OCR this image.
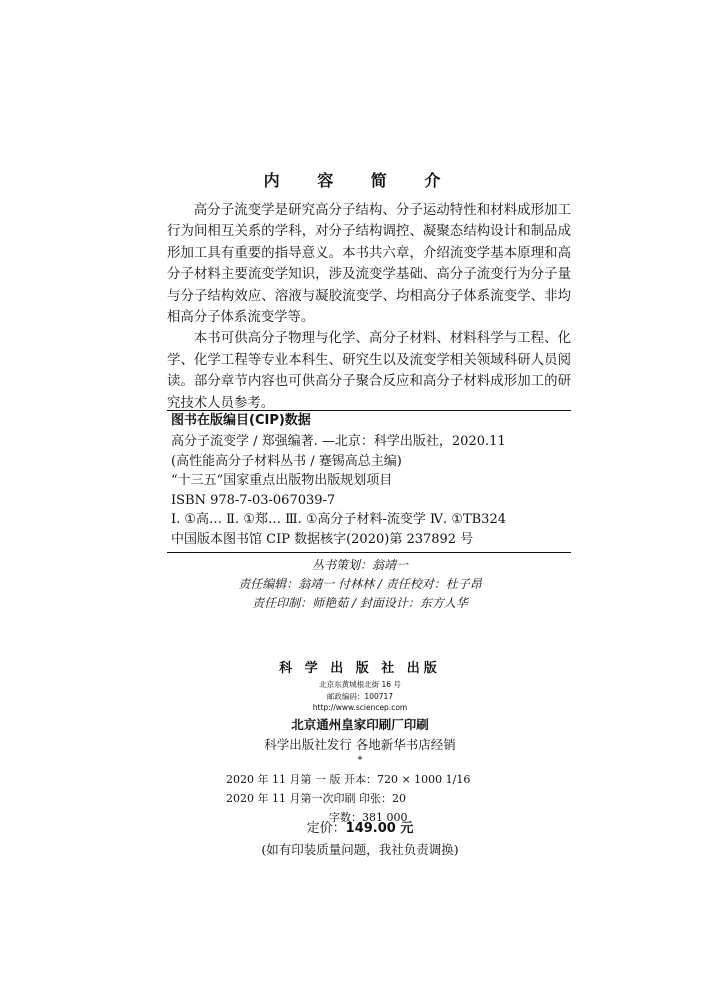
内 容 简 介

高分子流变学是研究高分子结构、分子运动特性和材料成形加工行为间相互关系的学科，对分子结构调控、凝聚态结构设计和制品成形加工具有重要的指导意义。本书共六章，介绍流变学基本原理和高分子材料主要流变学知识，涉及流变学基础、高分子流变行为分子量与分子结构效应、溶液与凝胶流变学、均相高分子体系流变学、非均相高分子体系流变学等。

本书可供高分子物理与化学、高分子材料、材料科学与工程、化学、化学工程等专业本科生、研究生以及流变学相关领域科研人员阅读。部分章节内容也可供高分子聚合反应和高分子材料成形加工的研究技术人员参考。

图书在版编目(CIP)数据
高分子流变学 / 郑强编著. —北京：科学出版社，2020.11
(高性能高分子材料丛书 / 蹇锡高总主编)
“十三五”国家重点出版物出版规划项目
ISBN 978-7-03-067039-7
Ⅰ. ①高… Ⅱ. ①郑… Ⅲ. ①高分子材料-流变学 Ⅳ. ①TB324
中国版本图书馆 CIP 数据核字(2020)第 237892 号
丛书策划：翁靖一
责任编辑：翁靖一 付林林 / 责任校对：杜子昂
责任印制：师艳茹 / 封面设计：东方人华
科 学 出 版 社 出版
北京东黄城根北街 16 号
邮政编码：100717
http://www.sciencep.com
北京通州皇家印刷厂印刷
科学出版社发行 各地新华书店经销
*
2020 年 11 月第 一 版 开本：720 × 1000 1/16
2020 年 11 月第一次印刷 印张：20
字数：381 000
定价：149.00 元
(如有印装质量问题，我社负责调换)
